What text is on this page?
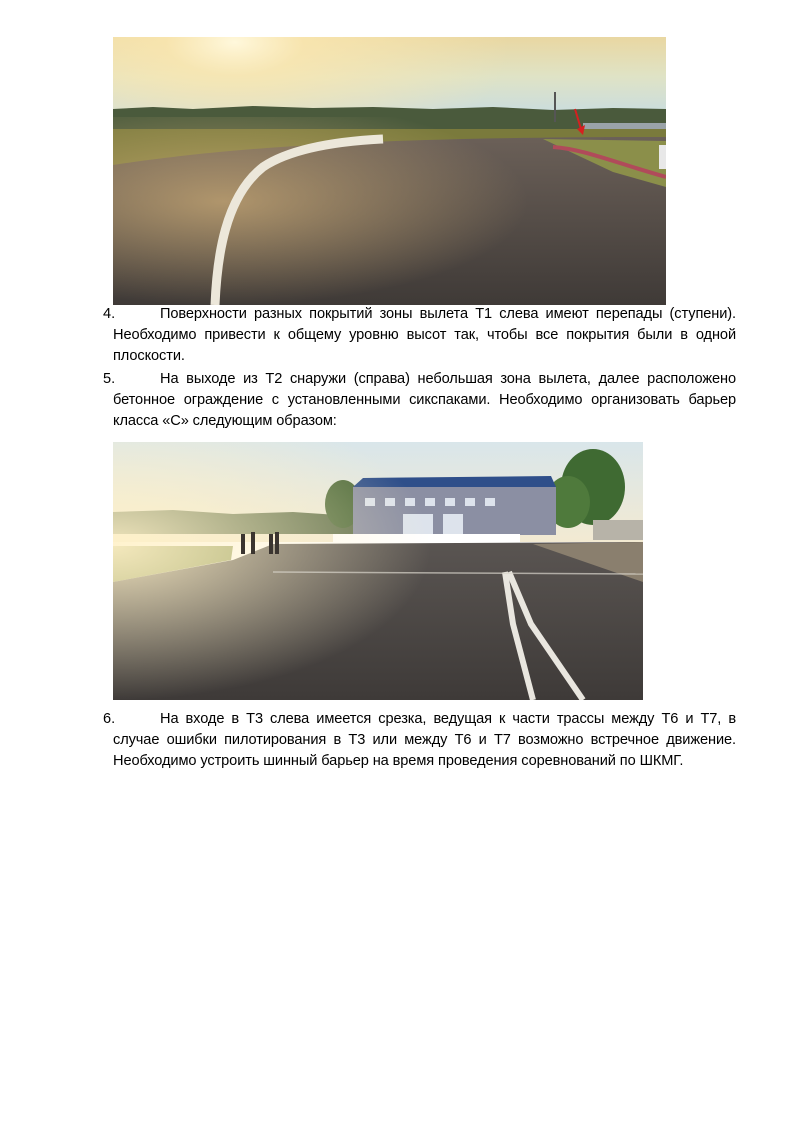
4.	Поверхности разных покрытий зоны вылета Т1 слева имеют перепады (ступени). Необходимо привести к общему уровню высот так, чтобы все покрытия были в одной плоскости.

5.	На выходе из Т2 снаружи (справа) небольшая зона вылета, далее расположено бетонное ограждение с установленными сикспаками. Необходимо организовать барьер класса «С» следующим образом:

6.	На входе в Т3 слева имеется срезка, ведущая к части трассы между Т6 и Т7, в случае ошибки пилотирования в Т3 или между Т6 и Т7 возможно встречное движение. Необходимо устроить шинный барьер на время проведения соревнований по ШКМГ.
